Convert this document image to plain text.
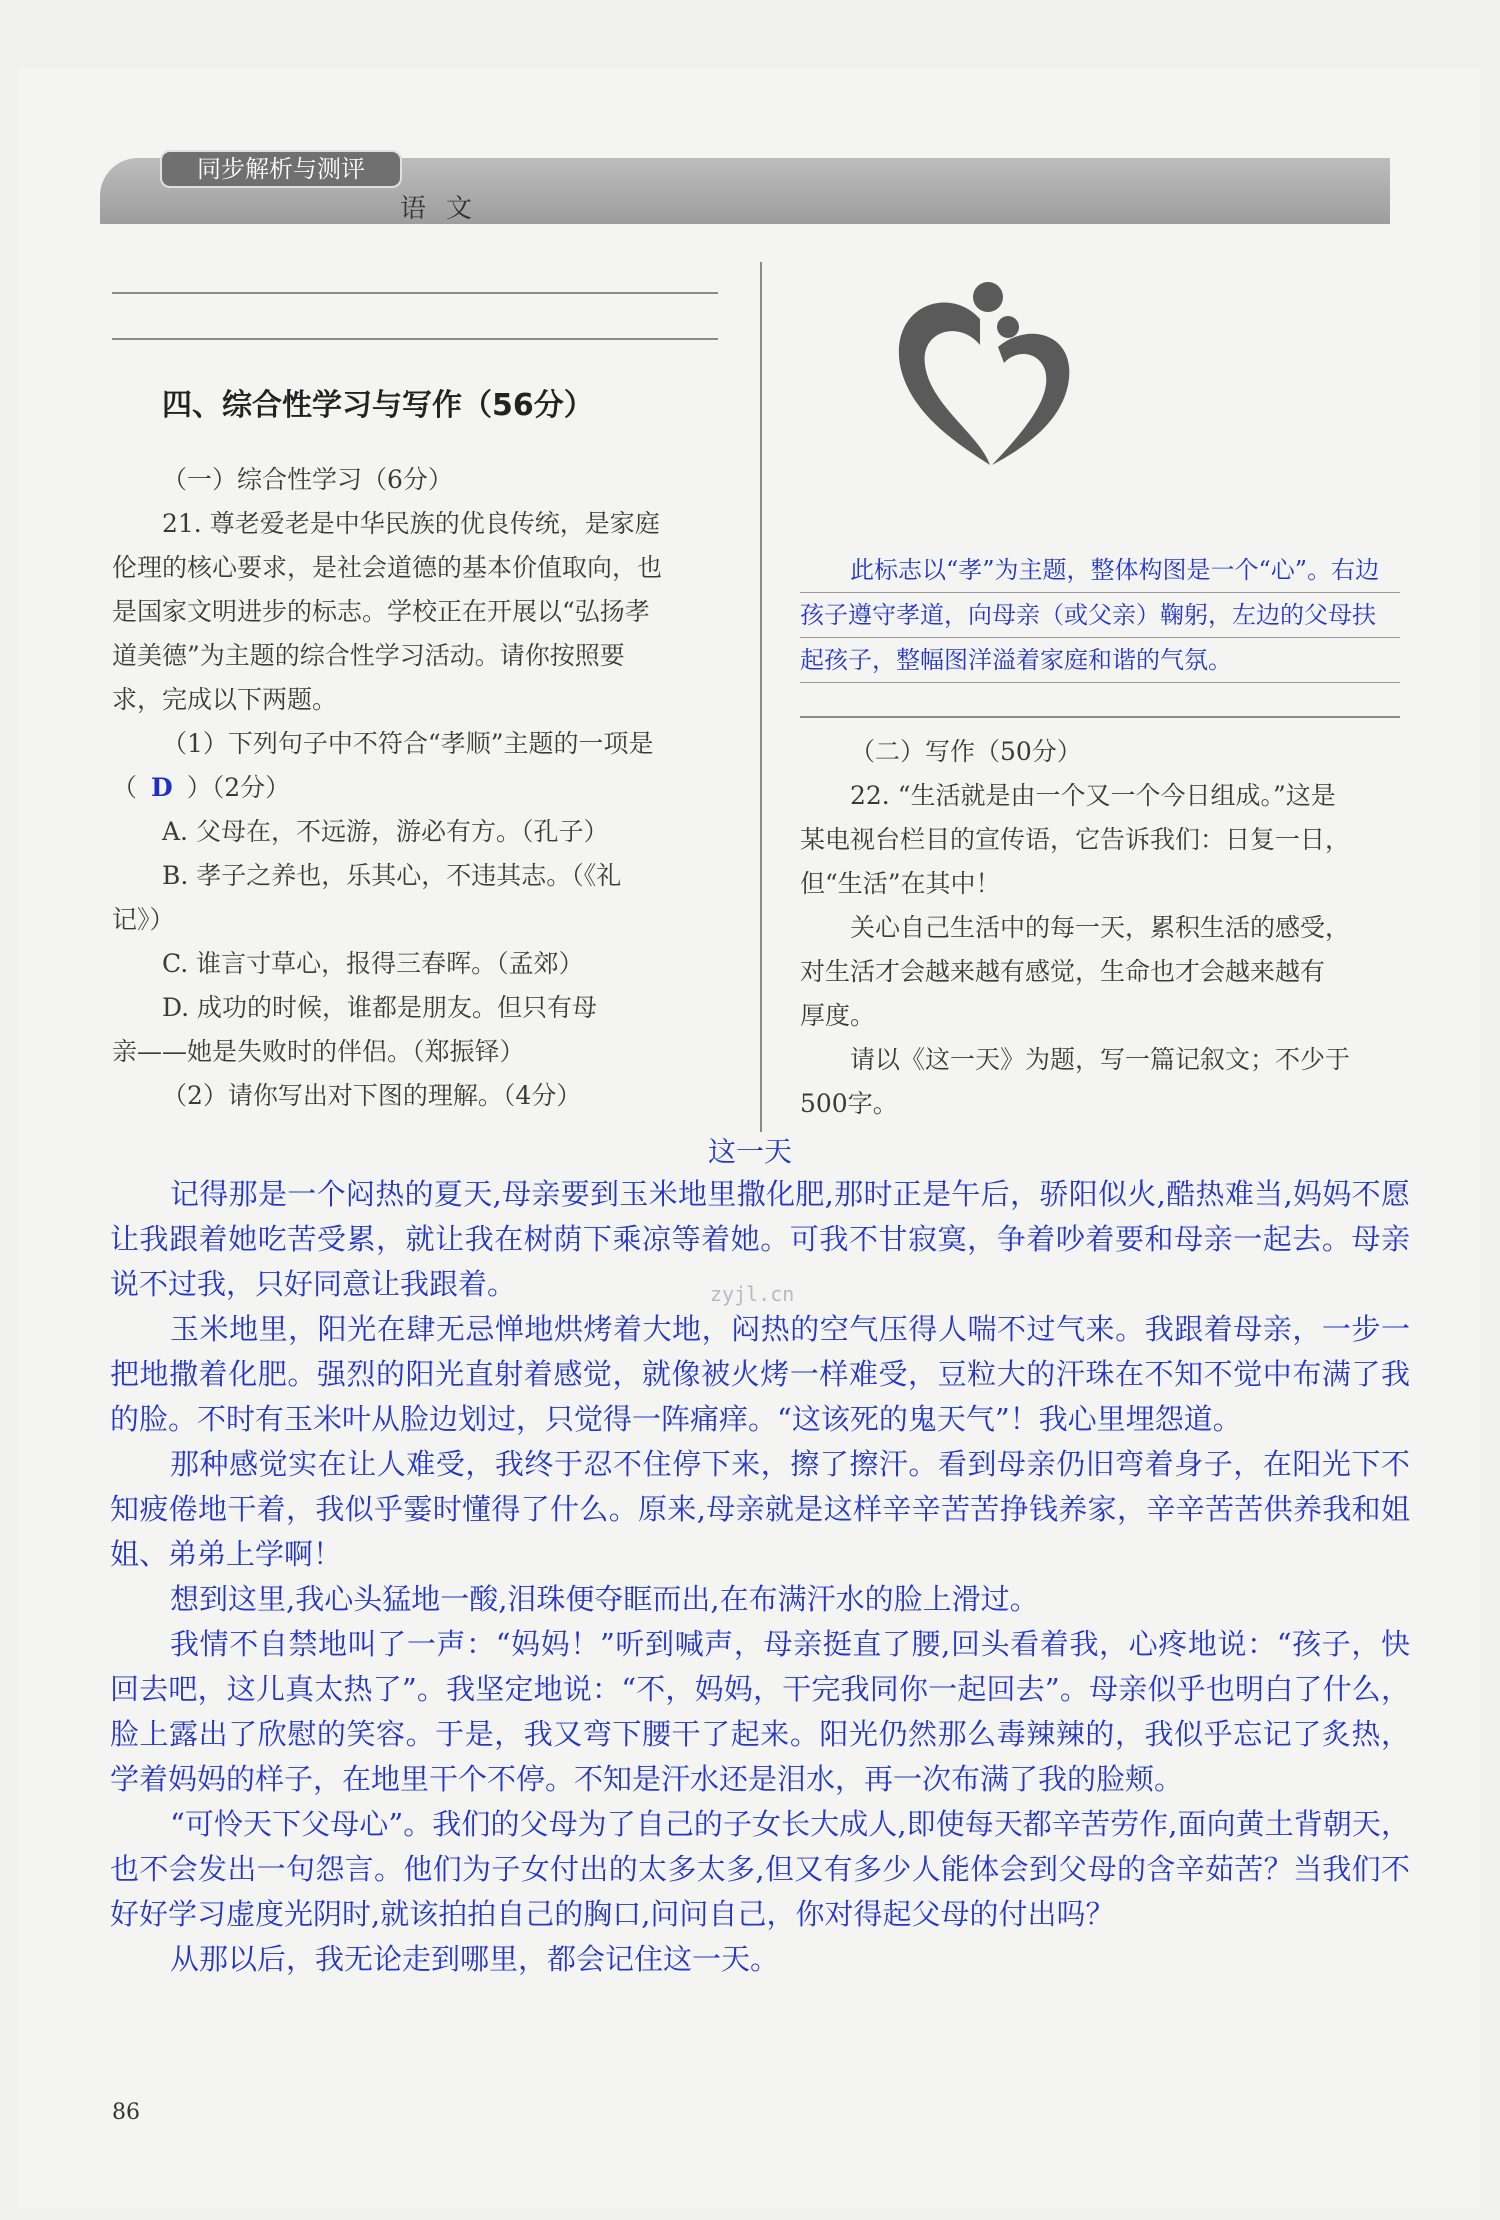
同步解析与测评
语文
四、综合性学习与写作（56分）
（一）综合性学习（6分）
21. 尊老爱老是中华民族的优良传统，是家庭
伦理的核心要求，是社会道德的基本价值取向，也
是国家文明进步的标志。学校正在开展以“弘扬孝
道美德”为主题的综合性学习活动。请你按照要
求，完成以下两题。
（1）下列句子中不符合“孝顺”主题的一项是
（ D ）（2分）
A. 父母在，不远游，游必有方。（孔子）
B. 孝子之养也，乐其心，不违其志。（《礼
记》）
C. 谁言寸草心，报得三春晖。（孟郊）
D. 成功的时候，谁都是朋友。但只有母
亲——她是失败时的伴侣。（郑振铎）
（2）请你写出对下图的理解。（4分）
此标志以“孝”为主题，整体构图是一个“心”。右边
孩子遵守孝道，向母亲（或父亲）鞠躬，左边的父母扶
起孩子，整幅图洋溢着家庭和谐的气氛。
（二）写作（50分）
22. “生活就是由一个又一个今日组成。”这是
某电视台栏目的宣传语，它告诉我们：日复一日，
但“生活”在其中！
关心自己生活中的每一天，累积生活的感受，
对生活才会越来越有感觉，生命也才会越来越有
厚度。
请以《这一天》为题，写一篇记叙文；不少于
500字。
这一天

记得那是一个闷热的夏天,母亲要到玉米地里撒化肥,那时正是午后，骄阳似火,酷热难当,妈妈不愿让我跟着她吃苦受累，就让我在树荫下乘凉等着她。可我不甘寂寞，争着吵着要和母亲一起去。母亲说不过我，只好同意让我跟着。

玉米地里，阳光在肆无忌惮地烘烤着大地，闷热的空气压得人喘不过气来。我跟着母亲，一步一把地撒着化肥。强烈的阳光直射着感觉，就像被火烤一样难受，豆粒大的汗珠在不知不觉中布满了我的脸。不时有玉米叶从脸边划过，只觉得一阵痛痒。“这该死的鬼天气”！我心里埋怨道。

那种感觉实在让人难受，我终于忍不住停下来，擦了擦汗。看到母亲仍旧弯着身子，在阳光下不知疲倦地干着，我似乎霎时懂得了什么。原来,母亲就是这样辛辛苦苦挣钱养家，辛辛苦苦供养我和姐姐、弟弟上学啊！

想到这里,我心头猛地一酸,泪珠便夺眶而出,在布满汗水的脸上滑过。

我情不自禁地叫了一声：“妈妈！”听到喊声，母亲挺直了腰,回头看着我，心疼地说：“孩子，快回去吧，这儿真太热了”。我坚定地说：“不，妈妈，干完我同你一起回去”。母亲似乎也明白了什么，脸上露出了欣慰的笑容。于是，我又弯下腰干了起来。阳光仍然那么毒辣辣的，我似乎忘记了炙热，学着妈妈的样子，在地里干个不停。不知是汗水还是泪水，再一次布满了我的脸颊。

“可怜天下父母心”。我们的父母为了自己的子女长大成人,即使每天都辛苦劳作,面向黄土背朝天，也不会发出一句怨言。他们为子女付出的太多太多,但又有多少人能体会到父母的含辛茹苦？当我们不好好学习虚度光阴时,就该拍拍自己的胸口,问问自己，你对得起父母的付出吗？

从那以后，我无论走到哪里，都会记住这一天。

zyjl.cn
86
